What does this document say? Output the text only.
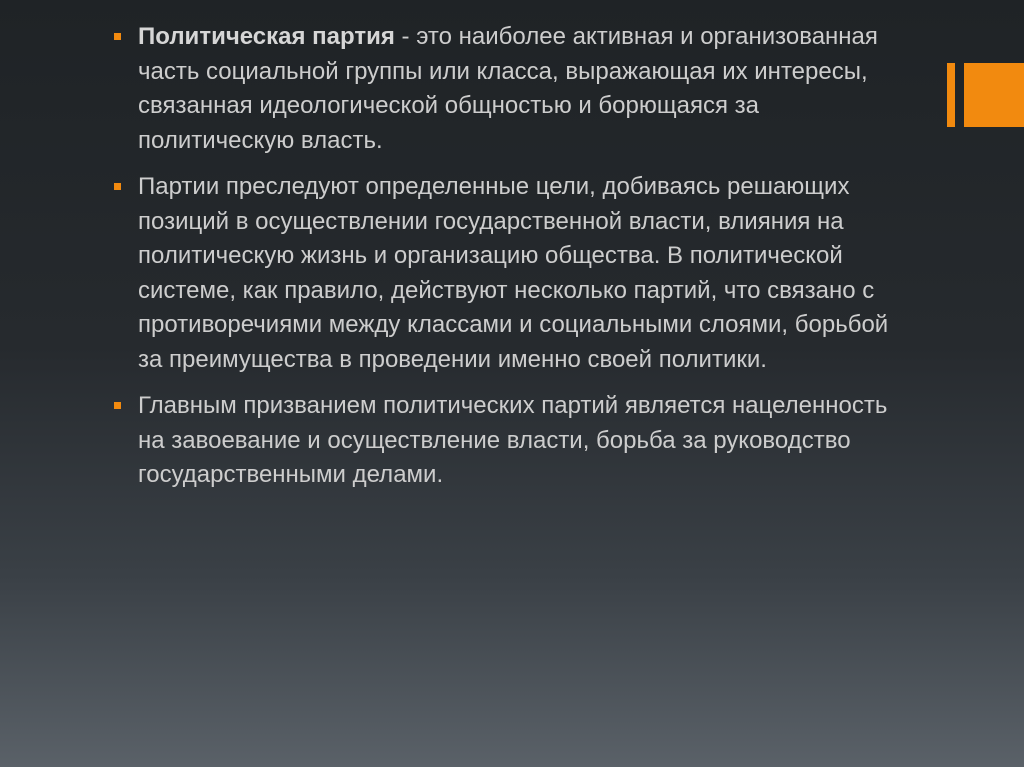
Политическая партия - это наиболее активная и организованная часть социальной группы или класса, выражающая их интересы, связанная идеологической общностью и борющаяся за политическую власть.
Партии преследуют определенные цели, добиваясь решающих позиций в осуществлении государственной власти, влияния на политическую жизнь и организацию общества. В политической системе, как правило, действуют несколько партий, что связано с противоречиями между классами и социальными слоями, борьбой за преимущества в проведении именно своей политики.
Главным призванием политических партий является нацеленность на завоевание и осуществление власти, борьба за руководство государственными делами.
